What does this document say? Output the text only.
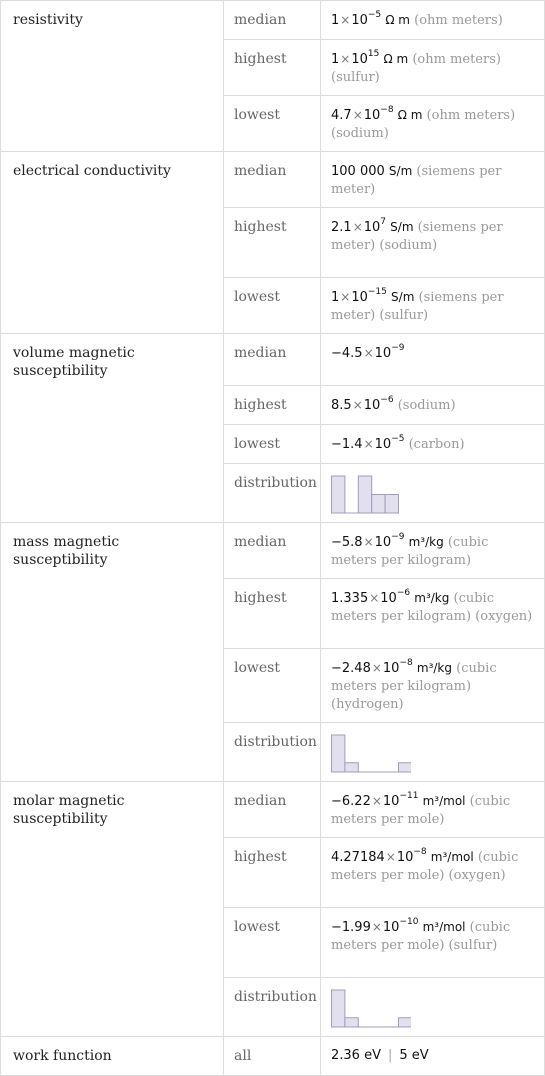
resistivity	median	$1\times 10^{-5}$ Ω m (ohm meters)
	highest	$1\times 10^{15}$ Ω m (ohm meters) (sulfur)
	lowest	$4.7\times 10^{-8}$ Ω m (ohm meters) (sodium)
electrical conductivity	median	100 000 S/m (siemens per meter)
	highest	$2.1\times 10^7$ S/m (siemens per meter) (sodium)
	lowest	$1\times 10^{-15}$ S/m (siemens per meter) (sulfur)
volume magnetic susceptibility	median	$-4.5\times 10^{-9}$
	highest	$8.5\times 10^{-6}$ (sodium)
	lowest	$-1.4\times 10^{-5}$ (carbon)
	distribution	

mass magnetic susceptibility	median	$-5.8\times 10^{-9}$ m³/kg (cubic meters per kilogram)
	highest	$1.335\times 10^{-6}$ m³/kg (cubic meters per kilogram) (oxygen)
	lowest	$-2.48\times 10^{-8}$ m³/kg (cubic meters per kilogram) (hydrogen)
	distribution	

molar magnetic susceptibility	median	$-6.22\times 10^{-11}$ m³/mol (cubic meters per mole)
	highest	$4.27184\times 10^{-8}$ m³/mol (cubic meters per mole) (oxygen)
	lowest	$-1.99\times 10^{-10}$ m³/mol (cubic meters per mole) (sulfur)
	distribution	

work function	all	2.36 eV | 5 eV
